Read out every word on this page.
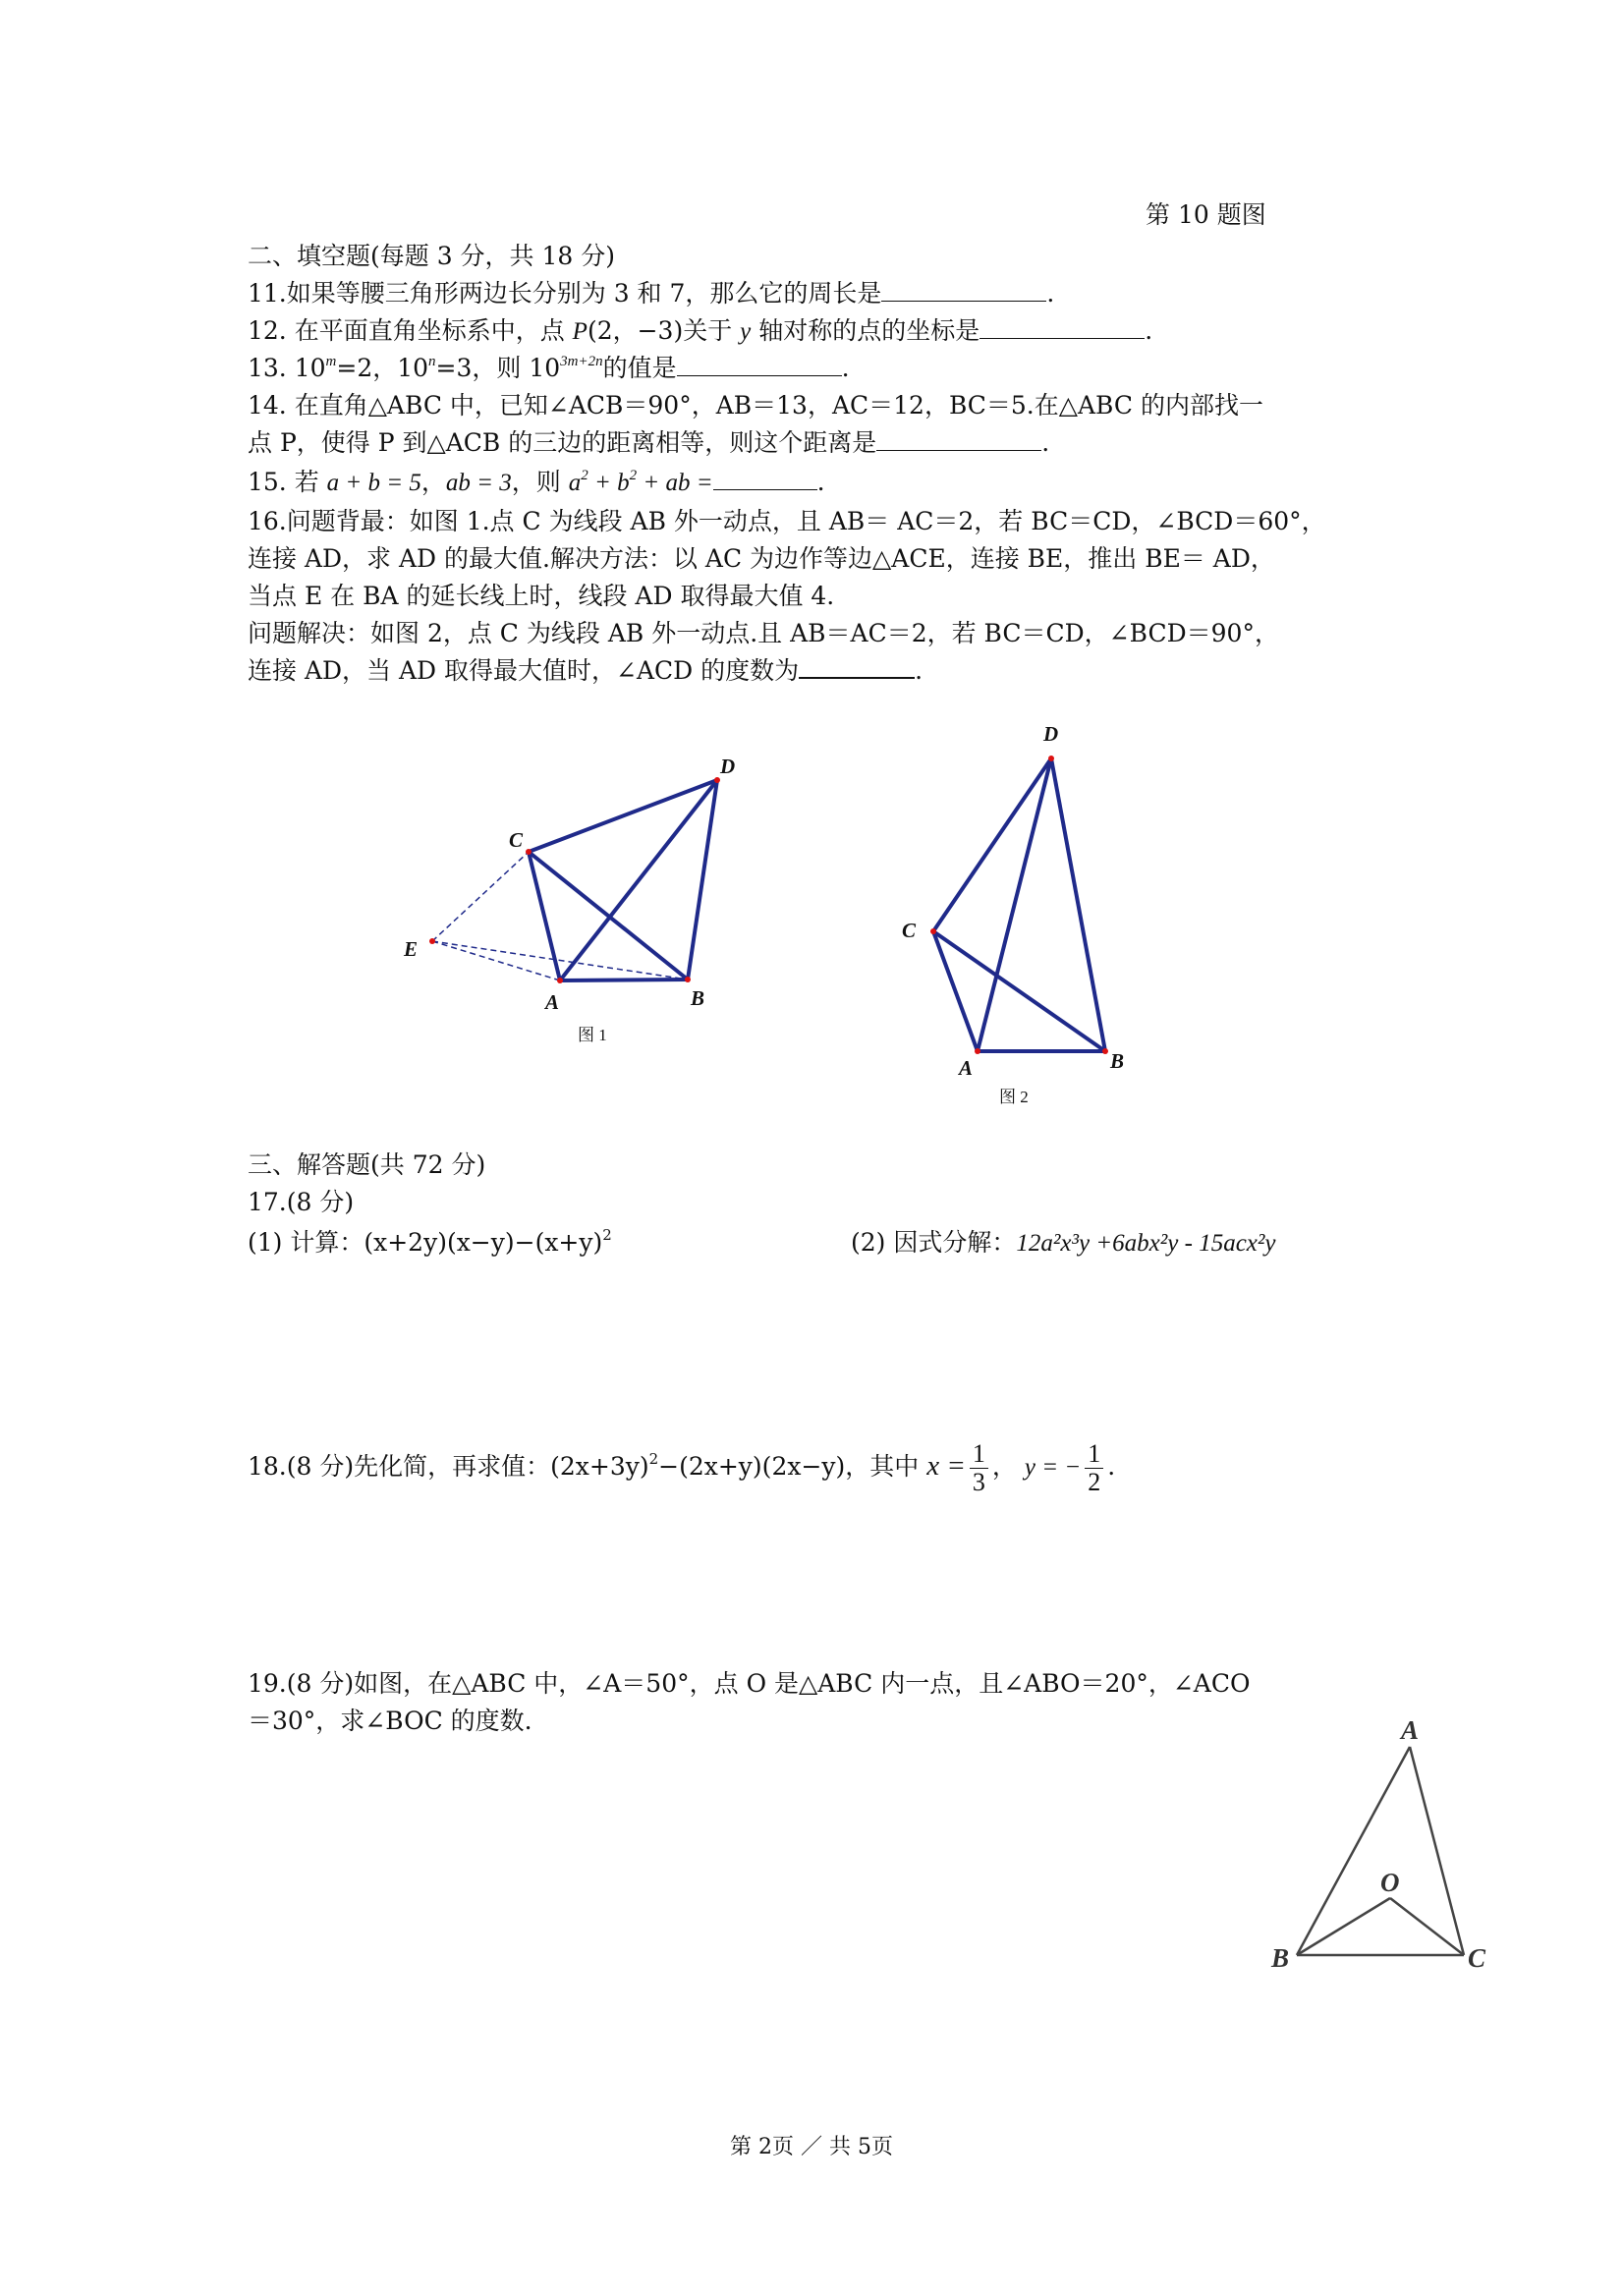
第 10 题图
二、填空题(每题 3 分，共 18 分)
11.如果等腰三角形两边长分别为 3 和 7，那么它的周长是	.
12. 在平面直角坐标系中，点 P(2，−3)关于 y 轴对称的点的坐标是	.
13. $10^m=2$，$10^n=3$，则 $10^{3m+2n}$的值是	.
14. 在直角△ABC 中，已知∠ACB＝90°，AB＝13，AC＝12，BC＝5.在△ABC 的内部找一
点 P，使得 P 到△ACB 的三边的距离相等，则这个距离是	.
15. 若 a + b = 5，ab = 3，则 $a^2 + b^2$ + ab =	.
16.问题背最：如图 1.点 C 为线段 AB 外一动点，且 AB＝ AC＝2，若 BC＝CD，∠BCD＝60°，
连接 AD，求 AD 的最大值.解决方法：以 AC 为边作等边△ACE，连接 BE，推出 BE＝ AD，
当点 E 在 BA 的延长线上时，线段 AD 取得最大值 4.
问题解决：如图 2，点 C 为线段 AB 外一动点.且 AB＝AC＝2，若 BC＝CD，∠BCD＝90°，
连接 AD，当 AD 取得最大值时，∠ACD 的度数为	.
D
C
E
A	B
图 1
D
C
A	B
图 2
三、解答题(共 72 分)
17.(8 分)
(1) 计算：$(x+2y)(x-y)-(x+y)^2$	(2) 因式分解：12a²x³y +6abx²y - 15acx²y
18.(8 分)先化简，再求值：$(2x+3y)^2-(2x+y)(2x-y)$，其中 $x = \frac{1}{3}$ ， y = − $\frac{1}{2}$ .
19.(8 分)如图，在△ABC 中，∠A＝50°，点 O 是△ABC 内一点，且∠ABO＝20°，∠ACO
＝30°，求∠BOC 的度数.	A
O
B	C
第 2页 ／ 共 5页
